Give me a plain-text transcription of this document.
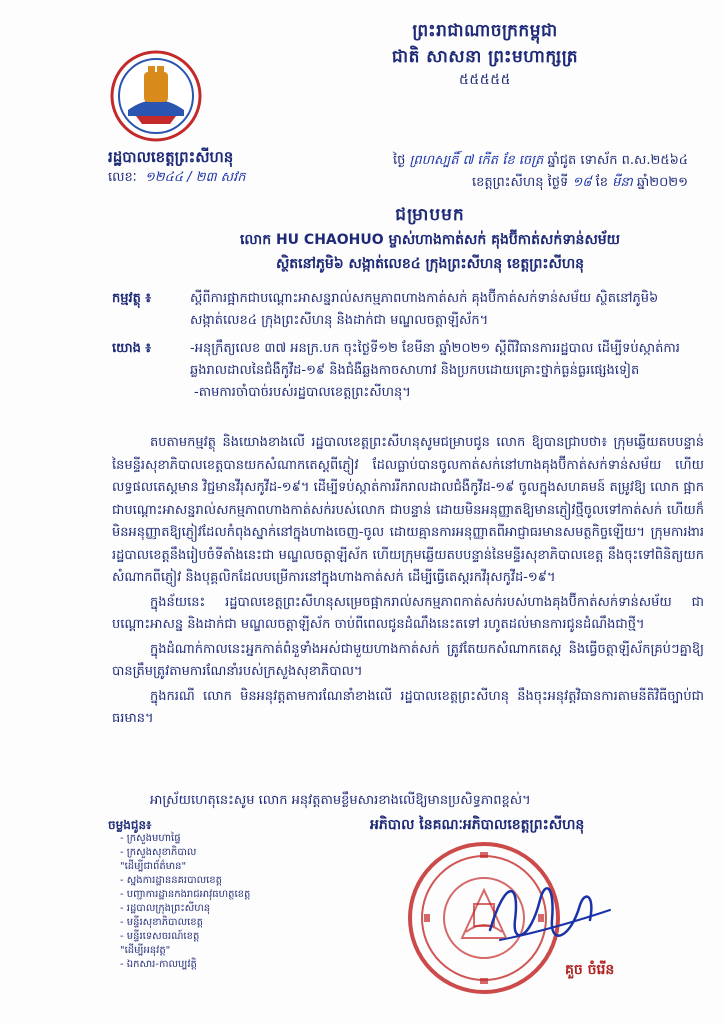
ព្រះរាជាណាចក្រកម្ពុជា
ជាតិ សាសនា ព្រះមហាក្សត្រ
៥៥៥៥៥
រដ្ឋបាលខេត្តព្រះសីហនុ
លេខៈ ១២៤៤ / ២៣ សវក
ថ្ងៃ ព្រហស្បតិ៍ ៧ កើត ខែ ចេត្រ ឆ្នាំជូត ទោស័ក ព.ស.២៥៦៤
ខេត្តព្រះសីហនុ ថ្ងៃទី ១៨ ខែ មីនា ឆ្នាំ២០២១
ជម្រាបមក
លោក HU CHAOHUO ម្ចាស់ហាងកាត់សក់ គុងប៊ីកាត់សក់ទាន់សម័យ
ស្ថិតនៅភូមិ៦ សង្កាត់លេខ៤ ក្រុងព្រះសីហនុ ខេត្តព្រះសីហនុ
កម្មវត្ថុ ៖	ស្តីពីការផ្អាកជាបណ្តោះអាសន្នរាល់សកម្មភាពហាងកាត់សក់ គុងប៊ីកាត់សក់ទាន់សម័យ ស្ថិតនៅភូមិ៦ សង្កាត់លេខ៤ ក្រុងព្រះសីហនុ និងដាក់ជា មណ្ឌលចត្តាឡីស័ក។
យោង ៖	-អនុក្រឹត្យលេខ ៣៧ អនក្រ.បក ចុះថ្ងៃទី១២ ខែមីនា ឆ្នាំ២០២១ ស្តីពីវិធានការរដ្ឋបាល ដើម្បីទប់ស្កាត់ការឆ្លងរាលដាលនៃជំងឺកូវីដ-១៩ និងជំងឺឆ្លងកាចសាហាវ និងប្រកបដោយគ្រោះថ្នាក់ធ្ងន់ធ្ងរផ្សេងទៀត
-តាមការចាំបាច់របស់រដ្ឋបាលខេត្តព្រះសីហនុ។

តបតាមកម្មវត្ថុ និងយោងខាងលើ រដ្ឋបាលខេត្តព្រះសីហនុសូមជម្រាបជូន លោក ឱ្យបានជ្រាបថា៖ ក្រុមឆ្លើយតបបន្ទាន់នៃមន្ទីរសុខាភិបាលខេត្តបានយកសំណាកតេស្តពីភ្ញៀវ ដែលធ្លាប់បានចូលកាត់សក់នៅហាងគុងប៊ីកាត់សក់ទាន់សម័យ ហើយលទ្ធផលតេស្តមាន វិជ្ជមានវីរុសកូវីដ-១៩។ ដើម្បីទប់ស្កាត់ការរីករាលដាលជំងឺកូវីដ-១៩ ចូលក្នុងសហគមន៍ តម្រូវឱ្យ លោក ផ្អាកជាបណ្តោះអាសន្នរាល់សកម្មភាពហាងកាត់សក់របស់លោក ជាបន្ទាន់ ដោយមិនអនុញ្ញាតឱ្យមានភ្ញៀវថ្មីចូលទៅកាត់សក់ ហើយក៏មិនអនុញ្ញាតឱ្យភ្ញៀវដែលកំពុងស្នាក់នៅក្នុងហាងចេញ-ចូល ដោយគ្មានការអនុញ្ញាតពីអាជ្ញាធរមានសមត្ថកិច្ចឡើយ។ ក្រុមការងាររដ្ឋបាលខេត្តនឹងរៀបចំទីតាំងនេះជា មណ្ឌលចត្តាឡីស័ក ហើយក្រុមឆ្លើយតបបន្ទាន់នៃមន្ទីរសុខាភិបាលខេត្ត នឹងចុះទៅពិនិត្យយកសំណាកពីភ្ញៀវ និងបុគ្គលិកដែលបម្រើការនៅក្នុងហាងកាត់សក់ ដើម្បីធ្វើតេស្តរកវីរុសកូវីដ-១៩។

ក្នុងន័យនេះ រដ្ឋបាលខេត្តព្រះសីហនុសម្រេចផ្អាករាល់សកម្មភាពកាត់សក់របស់ហាងគុងប៊ីកាត់សក់ទាន់សម័យ ជាបណ្តោះអាសន្ន និងដាក់ជា មណ្ឌលចត្តាឡីស័ក ចាប់ពីពេលជូនដំណឹងនេះតទៅ រហូតដល់មានការជូនដំណឹងជាថ្មី។

ក្នុងដំណាក់កាលនេះអ្នកកាត់ពំនួទាំងអស់ជាមួយហាងកាត់សក់ ត្រូវតែយកសំណាកតេស្ត និងធ្វើចត្តាឡីស័កគ្រប់ៗគ្នាឱ្យបានត្រឹមត្រូវតាមការណែនាំរបស់ក្រសួងសុខាភិបាល។

ក្នុងករណី លោក មិនអនុវត្តតាមការណែនាំខាងលើ រដ្ឋបាលខេត្តព្រះសីហនុ នឹងចុះអនុវត្តវិធានការតាមនីតិវិធីច្បាប់ជាធរមាន។

អាស្រ័យហេតុនេះសូម លោក អនុវត្តតាមខ្លឹមសារខាងលើឱ្យមានប្រសិទ្ធភាពខ្ពស់។
អភិបាល នៃគណៈអភិបាលខេត្តព្រះសីហនុ
ចម្លងជូន៖
- ក្រសួងមហាផ្ទៃ
- ក្រសួងសុខាភិបាល
"ដើម្បីជាព័ត៌មាន"
- ស្នងការដ្ឋាននគរបាលខេត្ត
- បញ្ជាការដ្ឋានកងរាជអាវុធហត្ថខេត្ត
- រដ្ឋបាលក្រុងព្រះសីហនុ
- មន្ទីរសុខាភិបាលខេត្ត
- មន្ទីរទេសចរណ៍ខេត្ត
"ដើម្បីអនុវត្ត"
- ឯកសារ-កាលប្បវត្តិ	គួច ចំរើន
